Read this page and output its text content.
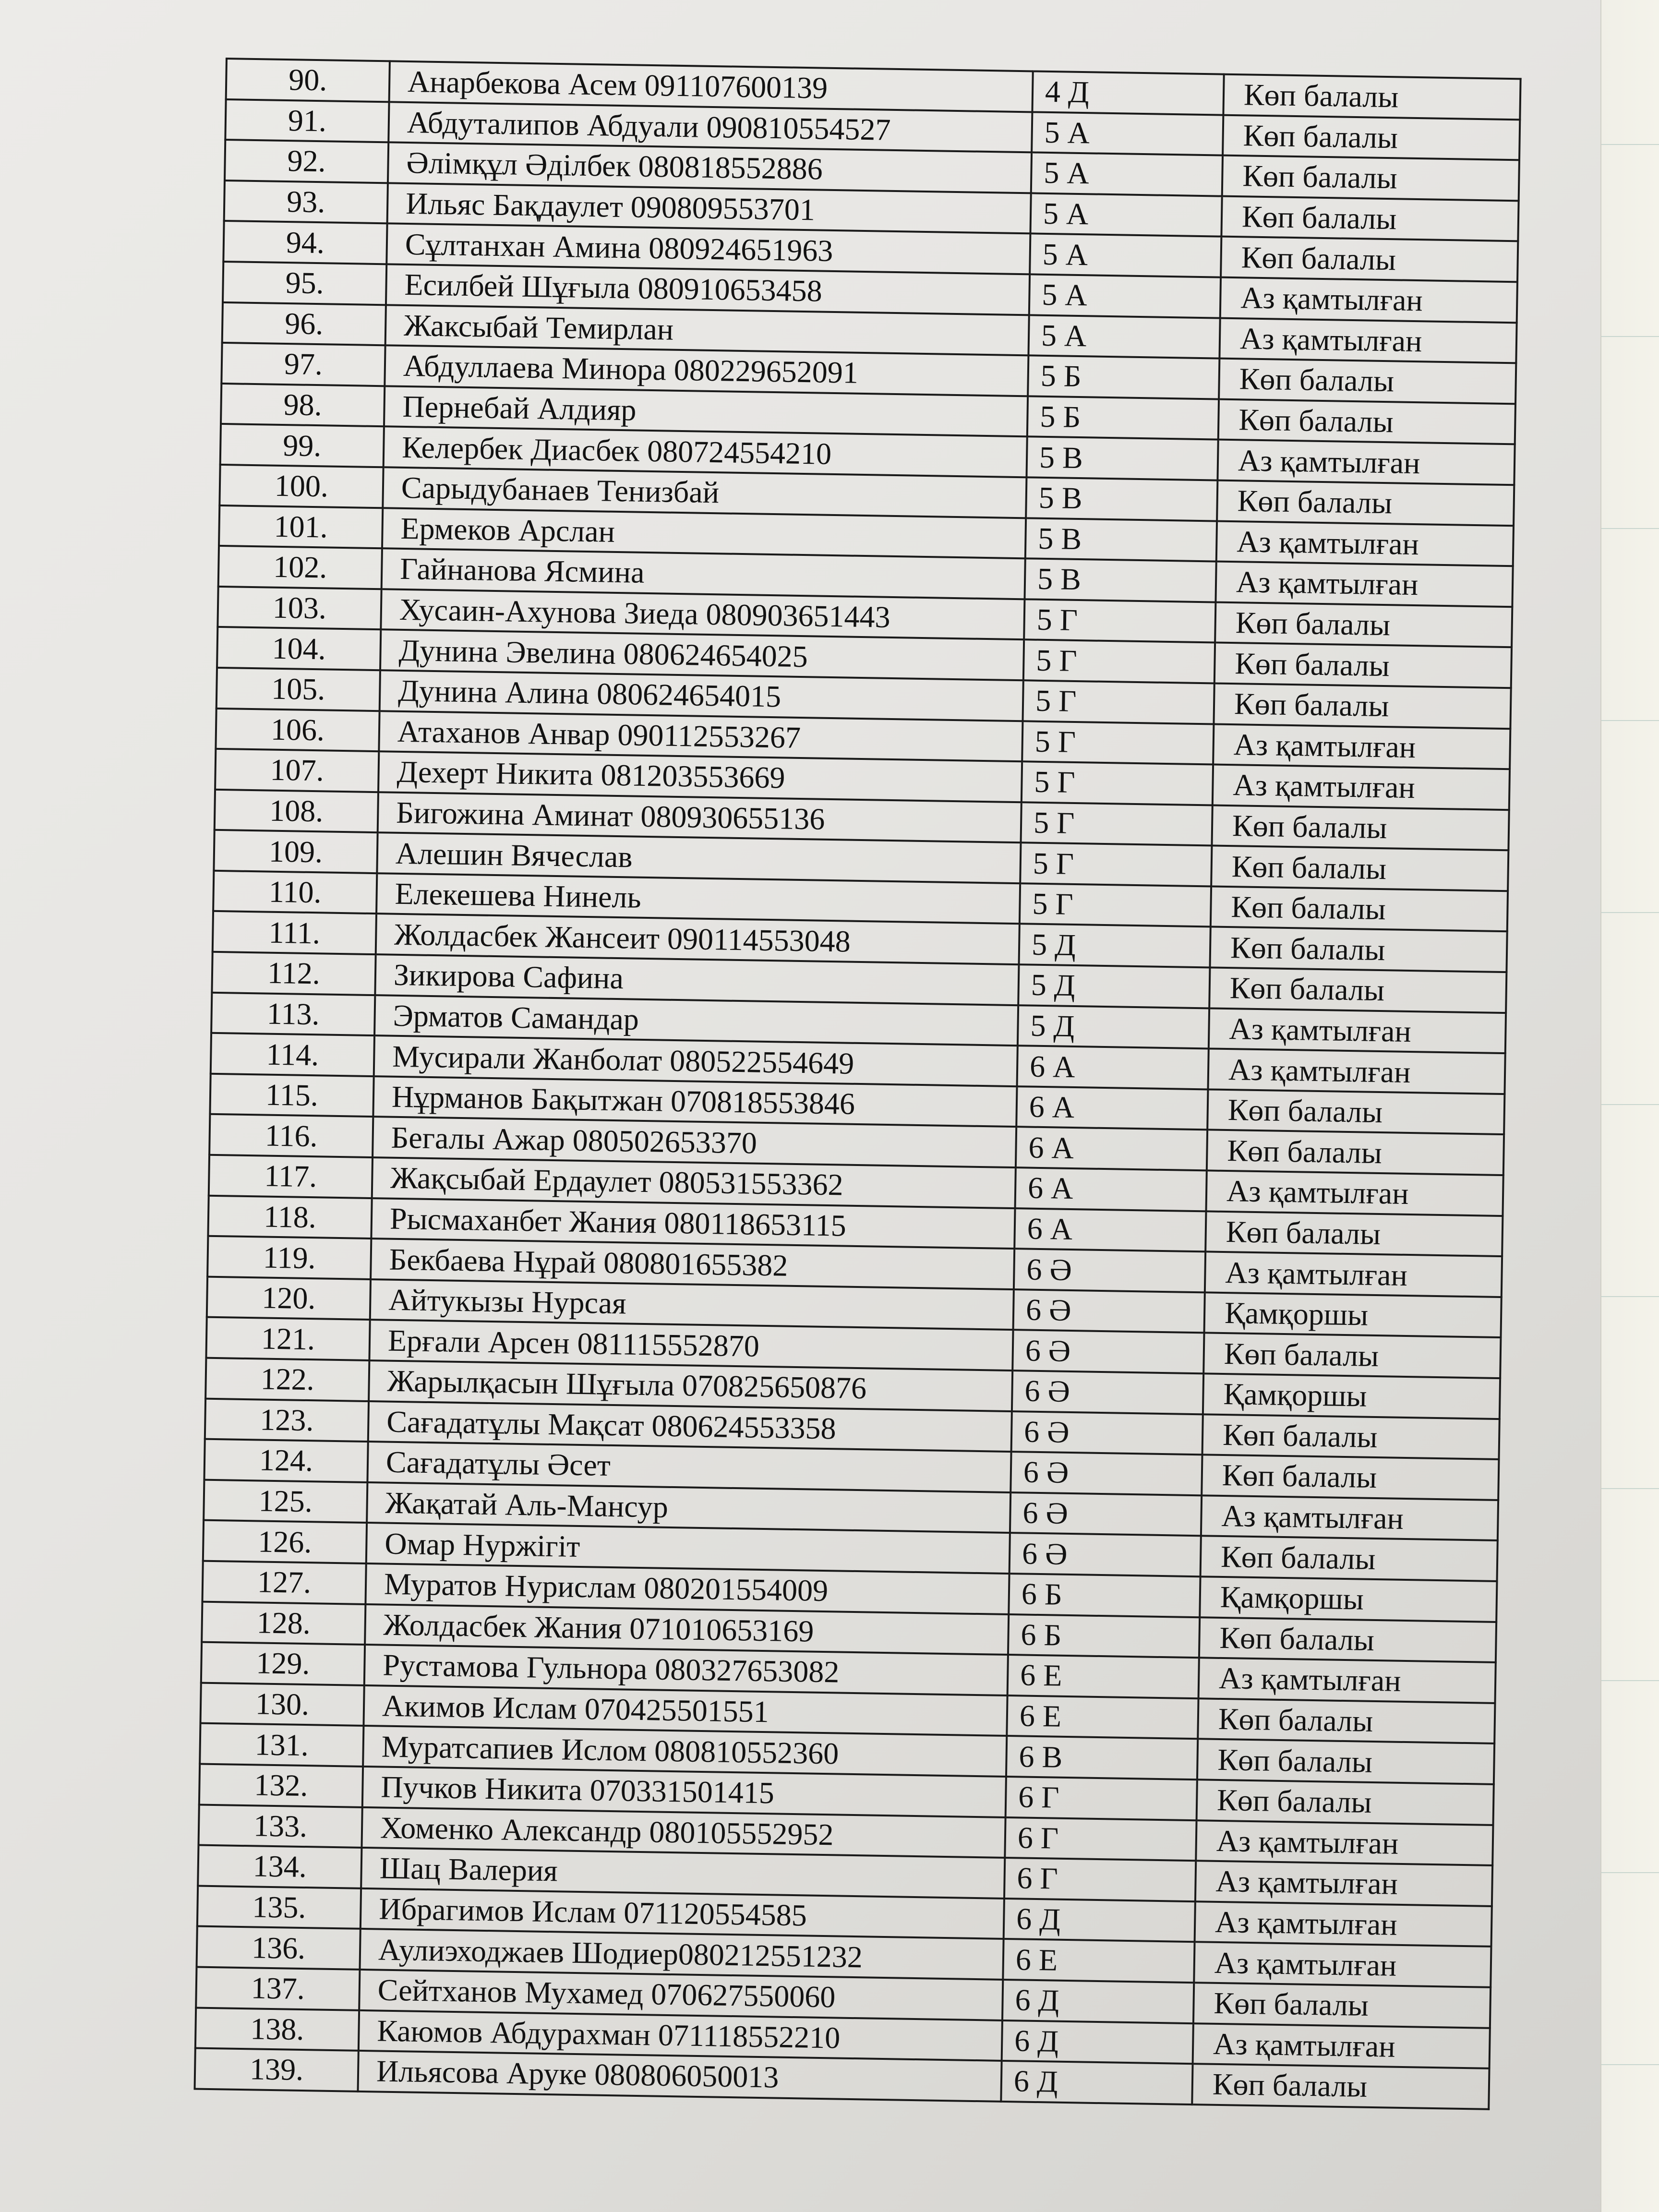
90.	Анарбекова Асем 091107600139	4 Д	Көп балалы
91.	Абдуталипов Абдуали 090810554527	5 А	Көп балалы
92.	Әлімқұл Әділбек 080818552886	5 А	Көп балалы
93.	Ильяс Бақдаулет 090809553701	5 А	Көп балалы
94.	Сұлтанхан Амина 080924651963	5 А	Көп балалы
95.	Есилбей Шұғыла 080910653458	5 А	Аз қамтылған
96.	Жаксыбай Темирлан	5 А	Аз қамтылған
97.	Абдуллаева Минора 080229652091	5 Б	Көп балалы
98.	Пернебай Алдияр	5 Б	Көп балалы
99.	Келербек Диасбек 080724554210	5 В	Аз қамтылған
100.	Сарыдубанаев Тенизбай	5 В	Көп балалы
101.	Ермеков Арслан	5 В	Аз қамтылған
102.	Гайнанова Ясмина	5 В	Аз қамтылған
103.	Хусаин-Ахунова Зиеда 080903651443	5 Г	Көп балалы
104.	Дунина Эвелина 080624654025	5 Г	Көп балалы
105.	Дунина Алина 080624654015	5 Г	Көп балалы
106.	Атаханов Анвар 090112553267	5 Г	Аз қамтылған
107.	Дехерт Никита 081203553669	5 Г	Аз қамтылған
108.	Бигожина Аминат 080930655136	5 Г	Көп балалы
109.	Алешин Вячеслав	5 Г	Көп балалы
110.	Елекешева Нинель	5 Г	Көп балалы
111.	Жолдасбек Жансеит 090114553048	5 Д	Көп балалы
112.	Зикирова Сафина	5 Д	Көп балалы
113.	Эрматов Самандар	5 Д	Аз қамтылған
114.	Мусирали Жанболат 080522554649	6 А	Аз қамтылған
115.	Нұрманов Бақытжан 070818553846	6 А	Көп балалы
116.	Бегалы Ажар 080502653370	6 А	Көп балалы
117.	Жақсыбай Ердаулет 080531553362	6 А	Аз қамтылған
118.	Рысмаханбет Жания 080118653115	6 А	Көп балалы
119.	Бекбаева Нұрай 080801655382	6 Ә	Аз қамтылған
120.	Айтукызы Нурсая	6 Ә	Қамқоршы
121.	Ерғали Арсен 081115552870	6 Ә	Көп балалы
122.	Жарылқасын Шұғыла 070825650876	6 Ә	Қамқоршы
123.	Сағадатұлы Мақсат 080624553358	6 Ә	Көп балалы
124.	Сағадатұлы Әсет	6 Ә	Көп балалы
125.	Жақатай Аль-Мансур	6 Ә	Аз қамтылған
126.	Омар Нуржігіт	6 Ә	Көп балалы
127.	Муратов Нурислам 080201554009	6 Б	Қамқоршы
128.	Жолдасбек Жания 071010653169	6 Б	Көп балалы
129.	Рустамова Гульнора 080327653082	6 Е	Аз қамтылған
130.	Акимов Ислам 070425501551	6 Е	Көп балалы
131.	Муратсапиев Ислом 080810552360	6 В	Көп балалы
132.	Пучков Никита 070331501415	6 Г	Көп балалы
133.	Хоменко Александр 080105552952	6 Г	Аз қамтылған
134.	Шац Валерия	6 Г	Аз қамтылған
135.	Ибрагимов Ислам 071120554585	6 Д	Аз қамтылған
136.	Аулиэходжаев Шодиер080212551232	6 Е	Аз қамтылған
137.	Сейтханов Мухамед 070627550060	6 Д	Көп балалы
138.	Каюмов Абдурахман 071118552210	6 Д	Аз қамтылған
139.	Ильясова Аруке 080806050013	6 Д	Көп балалы
